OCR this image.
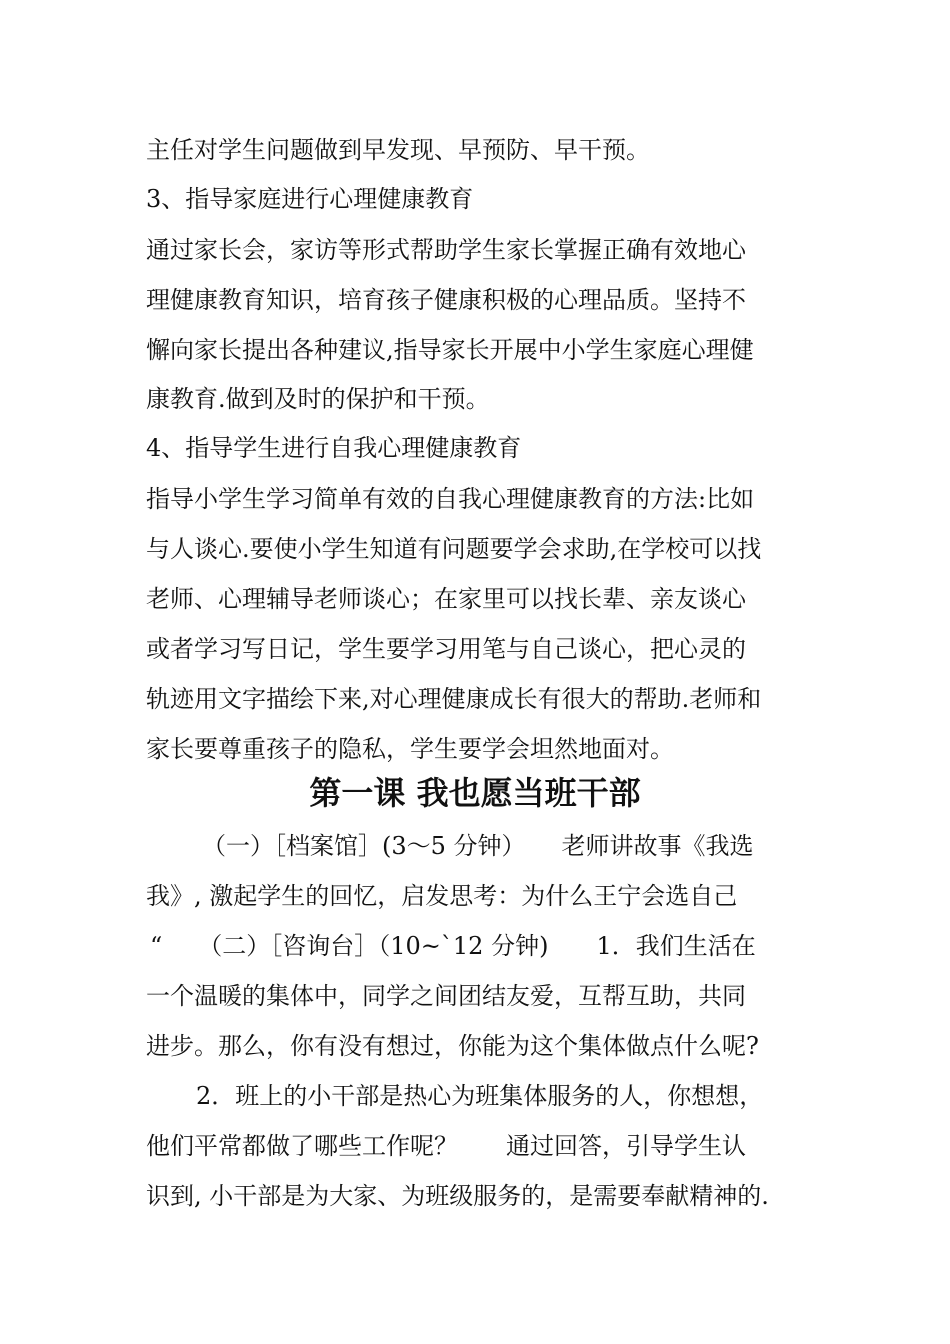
主任对学生问题做到早发现、早预防、早干预。
3、指导家庭进行心理健康教育
通过家长会，家访等形式帮助学生家长掌握正确有效地心
理健康教育知识，培育孩子健康积极的心理品质。坚持不
懈向家长提出各种建议,指导家长开展中小学生家庭心理健
康教育.做到及时的保护和干预。
4、指导学生进行自我心理健康教育
指导小学生学习简单有效的自我心理健康教育的方法:比如
与人谈心.要使小学生知道有问题要学会求助,在学校可以找
老师、心理辅导老师谈心；在家里可以找长辈、亲友谈心
或者学习写日记，学生要学习用笔与自己谈心，把心灵的
轨迹用文字描绘下来,对心理健康成长有很大的帮助.老师和
家长要尊重孩子的隐私，学生要学会坦然地面对。
第一课 我也愿当班干部
（一）［档案馆］(3～5 分钟）　　老师讲故事《我选
我》, 激起学生的回忆，启发思考：为什么王宁会选自己
“　　（二）［咨询台］（10~`12 分钟)　　1．我们生活在
一个温暖的集体中，同学之间团结友爱，互帮互助，共同
进步。那么，你有没有想过，你能为这个集体做点什么呢?
2．班上的小干部是热心为班集体服务的人，你想想，
他们平常都做了哪些工作呢？　　通过回答，引导学生认
识到, 小干部是为大家、为班级服务的，是需要奉献精神的.
